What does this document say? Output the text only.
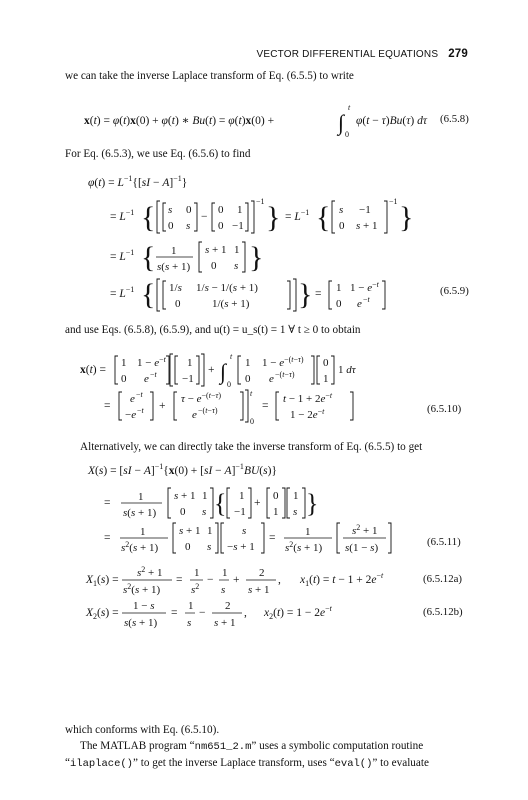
VECTOR DIFFERENTIAL EQUATIONS 279
we can take the inverse Laplace transform of Eq. (6.5.5) to write
For Eq. (6.5.3), we use Eq. (6.5.6) to find
and use Eqs. (6.5.8), (6.5.9), and u(t) = u_s(t) = 1 ∀ t ≥ 0 to obtain
Alternatively, we can directly take the inverse transform of Eq. (6.5.5) to get
which conforms with Eq. (6.5.10).
The MATLAB program “nm651_2.m” uses a symbolic computation routine
“ilaplace()” to get the inverse Laplace transform, uses “eval()” to evaluate
(6.5.8)
(6.5.9)
(6.5.10)
(6.5.11)
(6.5.12a)
(6.5.12b)
x(t) = φ(t)x(0) + φ(t) ∗ Bu(t) = φ(t)x(0) +	∫
t
0
φ(t − τ)Bu(τ) dτ
$\varphi(t) = L^{-1}\{[sI - A]^{-1}\}$
= $L^{-1}$ { s 0
0 s
−
0 1
0 −1
−1 } = $L^{-1}$ { s −1
0 s + 1
−1 }
= $L^{-1}$ { 1
s(s + 1)
s + 1 1
0 s }
= $L^{-1}$ { 1/s 1/s − 1/(s + 1)
0	1/(s + 1) } = 1 $1 - e^{-t}$
0 e −t
x(t) =
1 $1 - e^{-t}$
0 e −t
1
−1
+ ∫
t
0
1 $1 - e^{-(t-\tau)}$
0 e −(t−τ)
0
1
1 dτ
=
e −t
−e −t +
$\tau - e^{-(t-\tau)}$
e −(t−τ)
t
0
=
$t - 1 + 2e^{-t}$
$1 - 2e^{-t}$
X(s) = [sI − A]$^{-1}${x(0) + [sI − A]$^{-1}$BU(s)}
=	1
s(s + 1)
s + 1 1
0 s { 1
−1
+
0
1
1
s }
=	1
$s^2(s + 1)$
s + 1 1
0 s
s
−s + 1
=	1
$s^2(s + 1)$
$s^2 + 1$
s(1 − s)
$X_1(s)$ =
$s^2 + 1$
$s^2(s + 1)$
=
1
$s^2$
−
1
s
+
2
s + 1
, $x_1(t) = t - 1 + 2e^{-t}$
$X_2(s)$ =
1 − s
s(s + 1)
=
1
s
−
2
s + 1
, $x_2(t) = 1 - 2e^{-t}$
